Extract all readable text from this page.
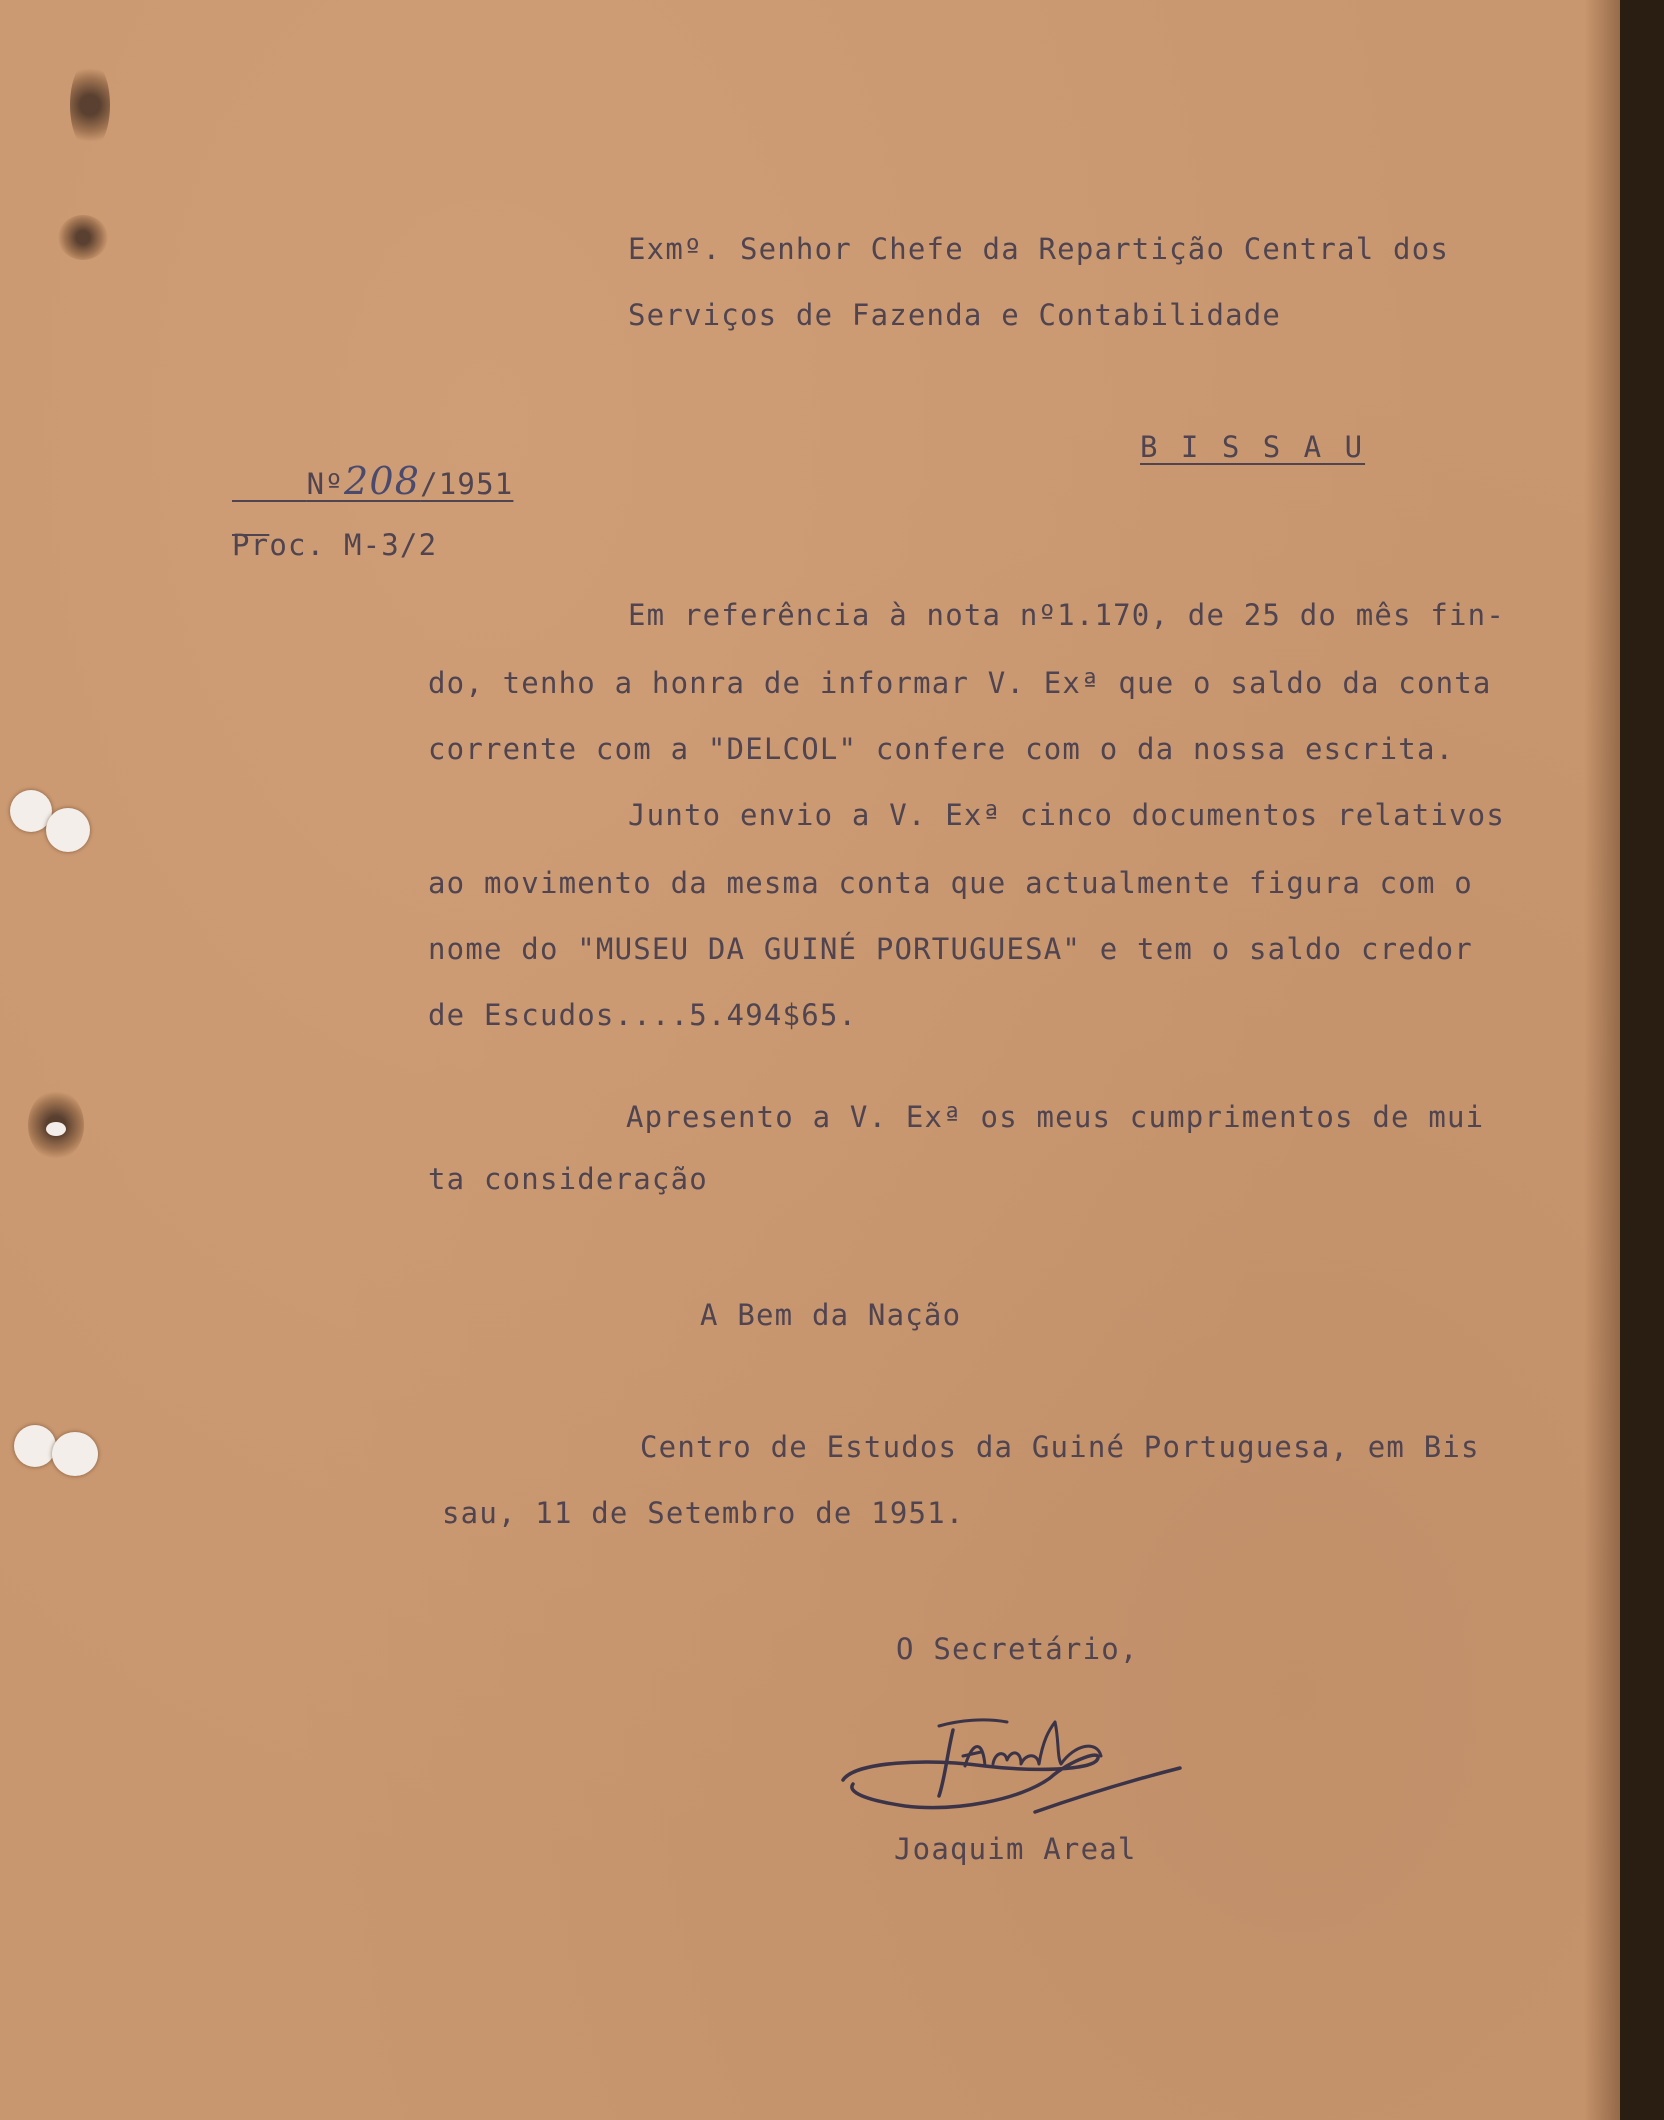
Exmº. Senhor Chefe da Repartição Central dos
Serviços de Fazenda e Contabilidade

Nº208/1951

B I S S A U
Proc. M-3/2
Em referência à nota nº1.170, de 25 do mês fin-
do, tenho a honra de informar V. Exª que o saldo da conta
corrente com a "DELCOL" confere com o da nossa escrita.
Junto envio a V. Exª cinco documentos relativos
ao movimento da mesma conta que actualmente figura com o
nome do "MUSEU DA GUINÉ PORTUGUESA" e tem o saldo credor
de Escudos....5.494$65.
Apresento a V. Exª os meus cumprimentos de mui
ta consideração
A Bem da Nação
Centro de Estudos da Guiné Portuguesa, em Bis
sau, 11 de Setembro de 1951.
O Secretário,
Joaquim Areal
